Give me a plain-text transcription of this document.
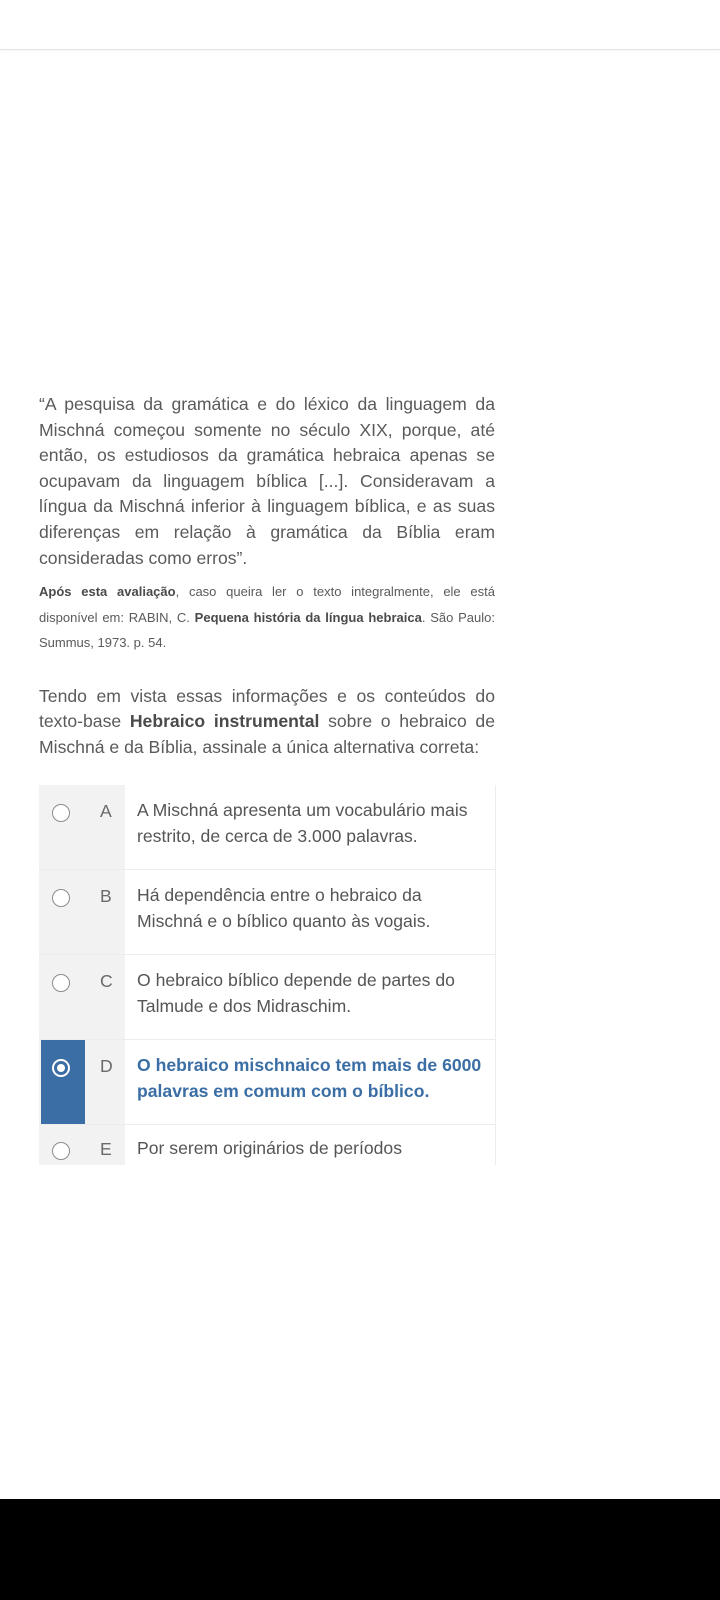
“A pesquisa da gramática e do léxico da linguagem da Mischná começou somente no século XIX, porque, até então, os estudiosos da gramática hebraica apenas se ocupavam da linguagem bíblica [...]. Consideravam a língua da Mischná inferior à linguagem bíblica, e as suas diferenças em relação à gramática da Bíblia eram consideradas como erros”.

Após esta avaliação, caso queira ler o texto integralmente, ele está disponível em: RABIN, C. Pequena história da língua hebraica. São Paulo: Summus, 1973. p. 54.

Tendo em vista essas informações e os conteúdos do texto-base Hebraico instrumental sobre o hebraico de Mischná e da Bíblia, assinale a única alternativa correta:

A	A Mischná apresenta um vocabulário mais restrito, de cerca de 3.000 palavras.
B	Há dependência entre o hebraico da Mischná e o bíblico quanto às vogais.
C	O hebraico bíblico depende de partes do Talmude e dos Midraschim.
D	O hebraico mischnaico tem mais de 6000 palavras em comum com o bíblico.
E	Por serem originários de períodos
